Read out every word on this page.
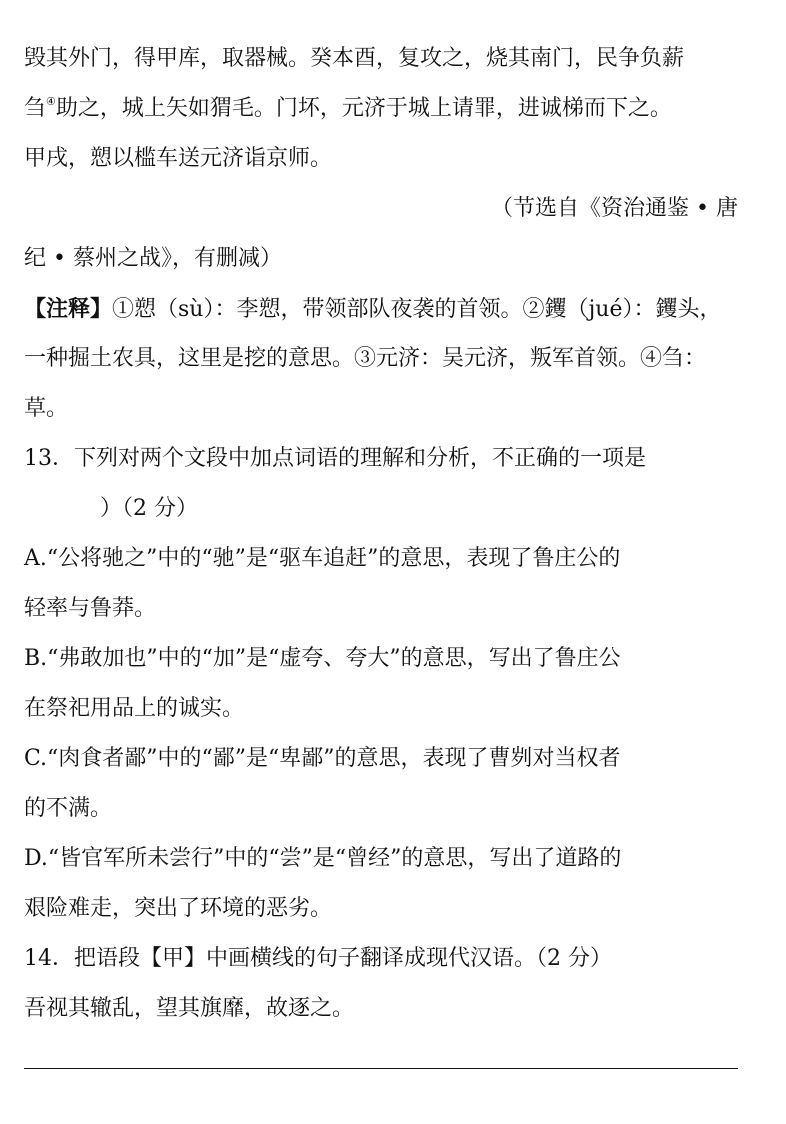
毁其外门，得甲库，取器械。癸本酉，复攻之，烧其南门，民争负薪
刍④助之，城上矢如猬毛。门坏，元济于城上请罪，进诚梯而下之。
甲戌，愬以槛车送元济诣京师。
（节选自《资治通鉴 • 唐
纪 • 蔡州之战》，有删减）
【注释】①愬（sù）：李愬，带领部队夜袭的首领。②钁（jué）：钁头，
一种掘土农具，这里是挖的意思。③元济：吴元济，叛军首领。④刍：
草。
13．下列对两个文段中加点词语的理解和分析，不正确的一项是
）（2 分）
A.“公将驰之”中的“驰”是“驱车追赶”的意思，表现了鲁庄公的
轻率与鲁莽。
B.“弗敢加也”中的“加”是“虚夸、夸大”的意思，写出了鲁庄公
在祭祀用品上的诚实。
C.“肉食者鄙”中的“鄙”是“卑鄙”的意思，表现了曹刿对当权者
的不满。
D.“皆官军所未尝行”中的“尝”是“曾经”的意思，写出了道路的
艰险难走，突出了环境的恶劣。
14．把语段【甲】中画横线的句子翻译成现代汉语。（2 分）
吾视其辙乱，望其旗靡，故逐之。
